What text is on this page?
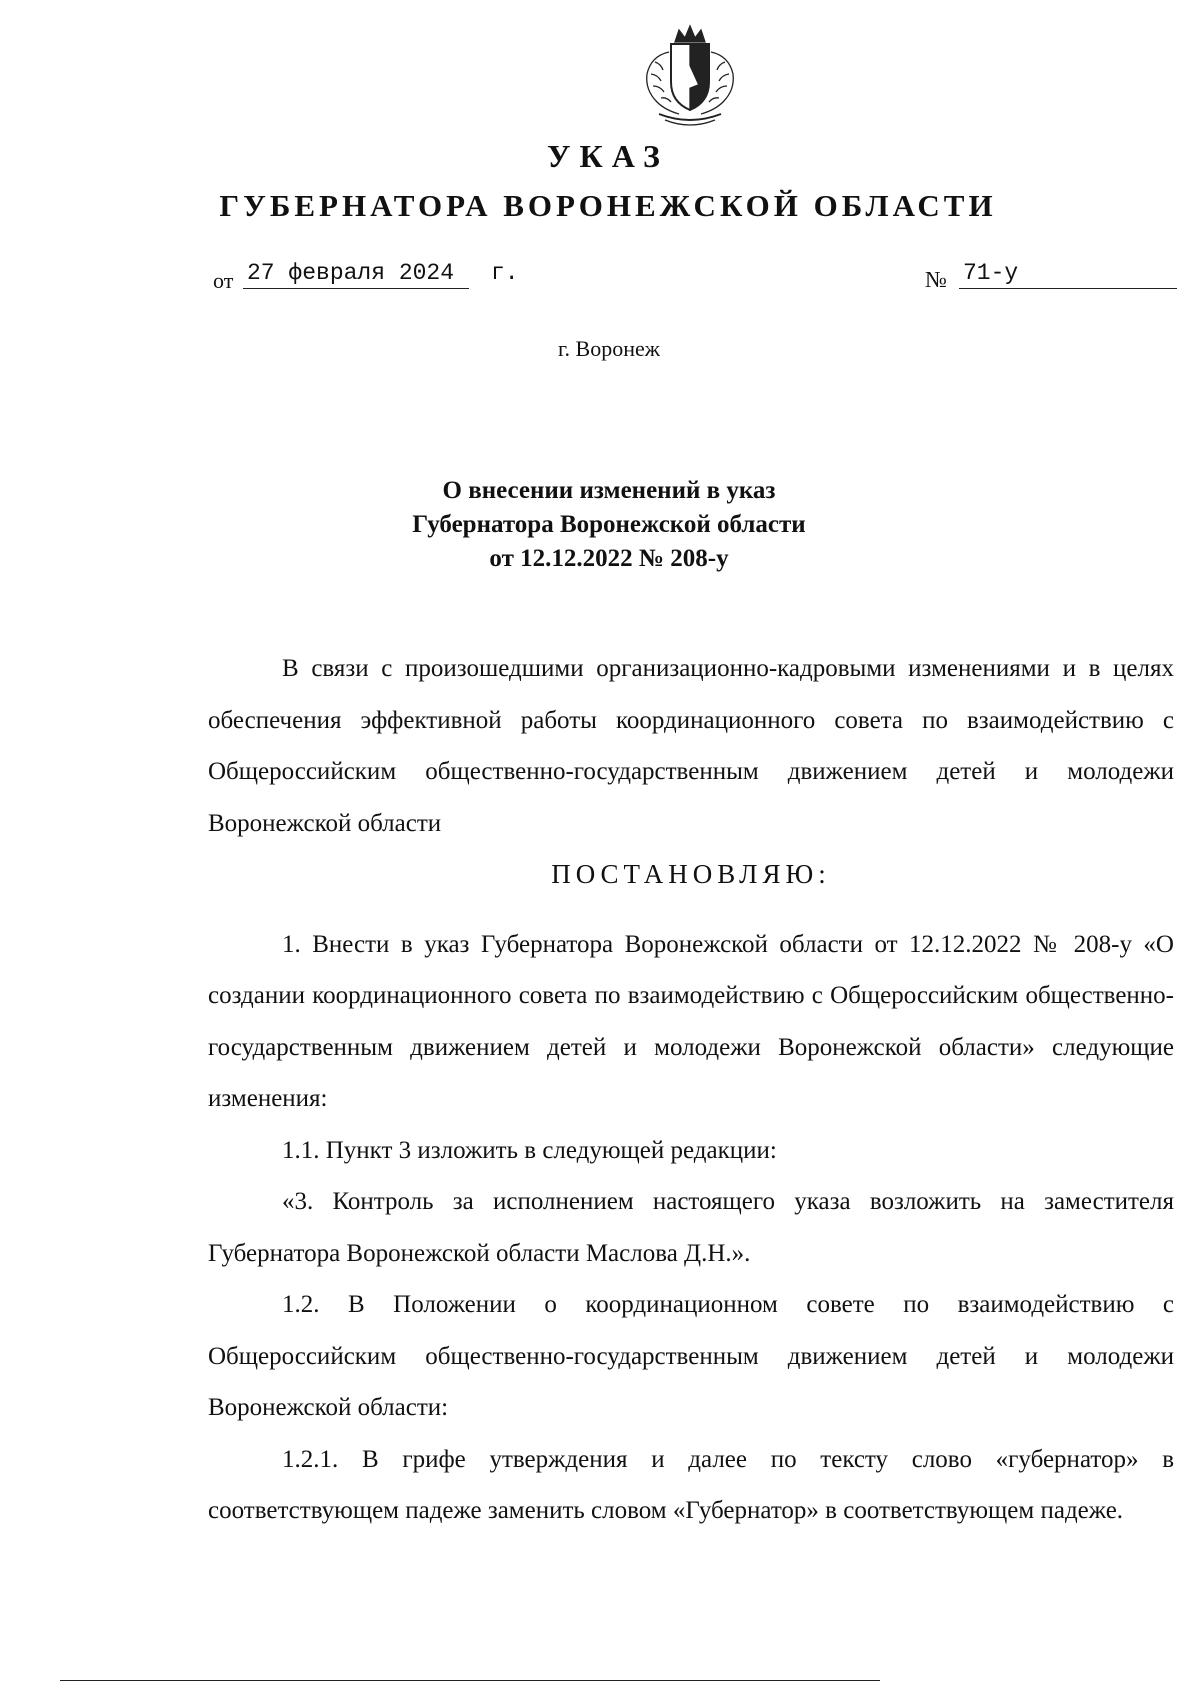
УКАЗ
ГУБЕРНАТОРА ВОРОНЕЖСКОЙ ОБЛАСТИ
от 27 февраля 2024	г.	№ 71-у
г. Воронеж
О внесении изменений в указ
Губернатора Воронежской области
от 12.12.2022 № 208-у

В связи с произошедшими организационно-кадровыми изменениями и в целях обеспечения эффективной работы координационного совета по взаимодействию с Общероссийским общественно-государственным движением детей и молодежи Воронежской области

ПОСТАНОВЛЯЮ:

1. Внести в указ Губернатора Воронежской области от 12.12.2022 № 208-у «О создании координационного совета по взаимодействию с Общероссийским общественно-государственным движением детей и молодежи Воронежской области» следующие изменения:

1.1. Пункт 3 изложить в следующей редакции:

«3. Контроль за исполнением настоящего указа возложить на заместителя Губернатора Воронежской области Маслова Д.Н.».

1.2. В Положении о координационном совете по взаимодействию с Общероссийским общественно-государственным движением детей и молодежи Воронежской области:

1.2.1. В грифе утверждения и далее по тексту слово «губернатор» в соответствующем падеже заменить словом «Губернатор» в соответствующем падеже.
